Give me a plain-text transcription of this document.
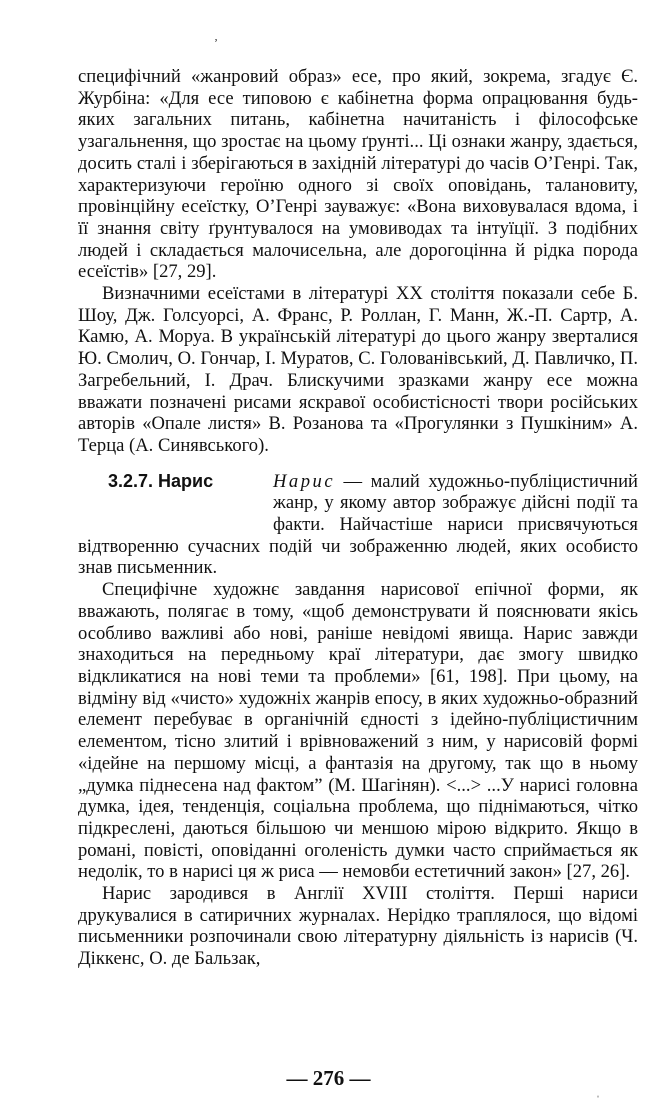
ʼ

специфічний «жанровий образ» есе, про який, зокрема, згадує Є. Журбіна: «Для есе типовою є кабінетна форма опрацювання будь-яких загальних питань, кабінетна начитаність і філософське узагальнення, що зростає на цьому ґрунті... Ці ознаки жанру, здається, досить сталі і зберігаються в західній літературі до часів О’Генрі. Так, характеризуючи героїню одного зі своїх оповідань, талановиту, провінційну есеїстку, О’Генрі зауважує: «Вона виховувалася вдома, і її знання світу ґрунтувалося на умовиводах та інтуїції. З подібних людей і складається малочисельна, але дорогоцінна й рідка порода есеїстів» [27, 29].

Визначними есеїстами в літературі XX століття показали себе Б. Шоу, Дж. Голсуорсі, А. Франс, Р. Роллан, Г. Манн, Ж.-П. Сартр, А. Камю, А. Моруа. В українській літературі до цього жанру зверталися Ю. Смолич, О. Гончар, І. Муратов, С. Голованівський, Д. Павличко, П. Загребельний, І. Драч. Блискучими зразками жанру есе можна вважати позначені рисами яскравої особистісності твори російських авторів «Опале листя» В. Розанова та «Прогулянки з Пушкіним» А. Терца (А. Синявського).

3.2.7. Нарис	Нарис — малий художньо-публіцистичний жанр, у якому автор зображує дійсні події та факти. Найчастіше нариси присвячуються відтворенню сучасних подій чи зображенню людей, яких особисто знав письменник.

Специфічне художнє завдання нарисової епічної форми, як вважають, полягає в тому, «щоб демонструвати й пояснювати якісь особливо важливі або нові, раніше невідомі явища. Нарис завжди знаходиться на передньому краї літератури, дає змогу швидко відкликатися на нові теми та проблеми» [61, 198]. При цьому, на відміну від «чисто» художніх жанрів епосу, в яких художньо-образний елемент перебуває в органічній єдності з ідейно-публіцистичним елементом, тісно злитий і врівноважений з ним, у нарисовій формі «ідейне на першому місці, а фантазія на другому, так що в ньому „думка піднесена над фактом” (М. Шагінян). <...> ...У нарисі головна думка, ідея, тенденція, соціальна проблема, що піднімаються, чітко підкреслені, даються більшою чи меншою мірою відкрито. Якщо в романі, повісті, оповіданні оголеність думки часто сприймається як недолік, то в нарисі ця ж риса — немовби естетичний закон» [27, 26].

Нарис зародився в Англії XVIII століття. Перші нариси друкувалися в сатиричних журналах. Нерідко траплялося, що відомі письменники розпочинали свою літературну діяльність із нарисів (Ч. Діккенс, О. де Бальзак,

— 276 —
ˌ
